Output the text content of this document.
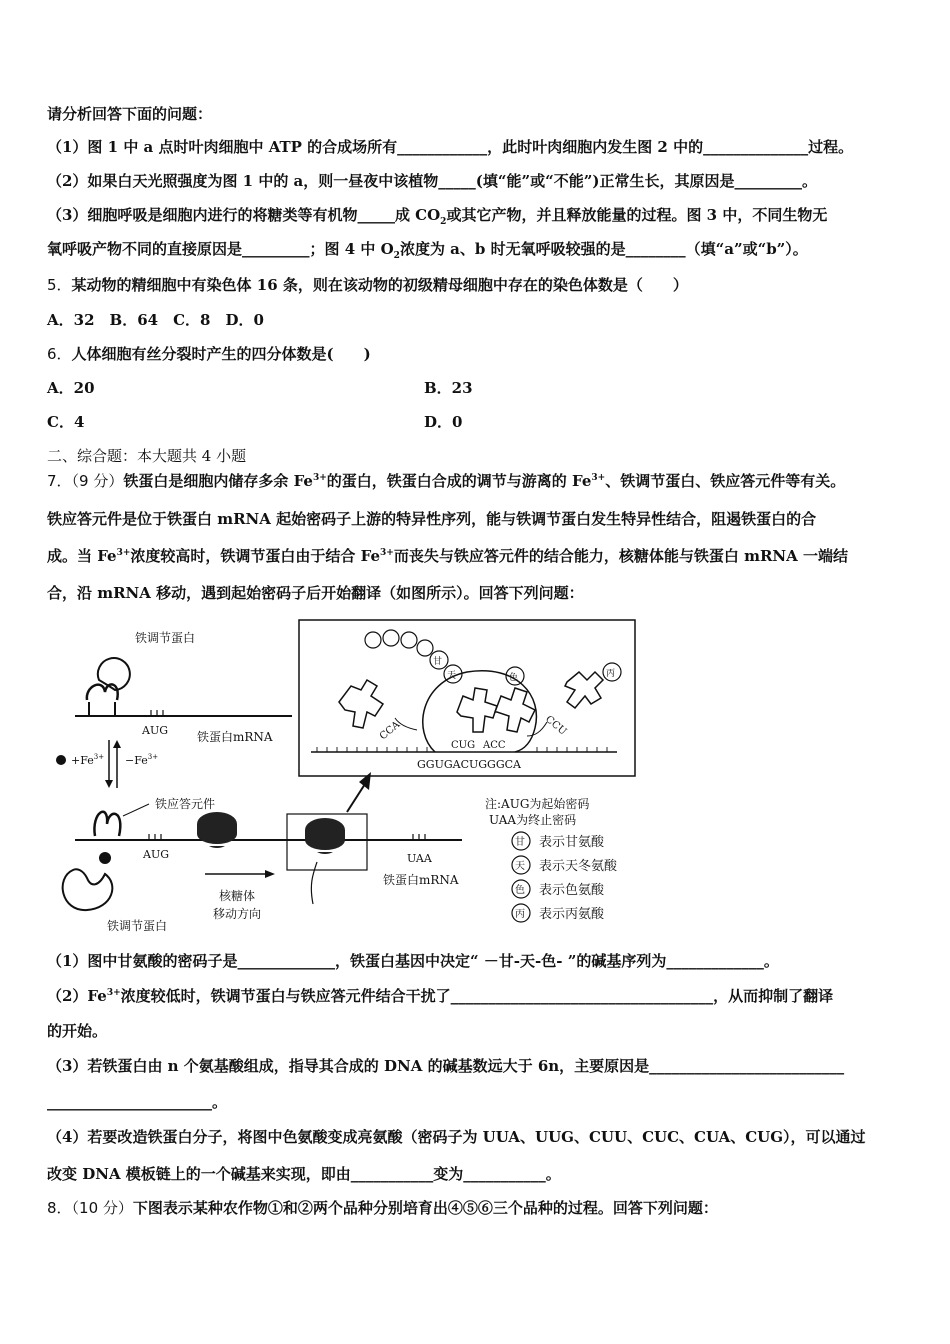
请分析回答下面的问题：
（1）图 1 中 a 点时叶肉细胞中 ATP 的合成场所有____________，此时叶肉细胞内发生图 2 中的______________过程。
（2）如果白天光照强度为图 1 中的 a，则一昼夜中该植物_____(填“能”或“不能”)正常生长，其原因是_________。
（3）细胞呼吸是细胞内进行的将糖类等有机物_____成 $CO_2$或其它产物，并且释放能量的过程。图 3 中，不同生物无
氧呼吸产物不同的直接原因是_________；图 4 中 $O_2$浓度为 a、b 时无氧呼吸较强的是________（填“a”或“b”）。
5．某动物的精细胞中有染色体 16 条，则在该动物的初级精母细胞中存在的染色体数是（　　）
A．32　B．64　C．8　D．0
6．人体细胞有丝分裂时产生的四分体数是(　　)
A．20	B．23
C．4	D．0
二、综合题：本大题共 4 小题
7．（9 分）铁蛋白是细胞内储存多余 $Fe^{3+}$的蛋白，铁蛋白合成的调节与游离的 $Fe^{3+}$、铁调节蛋白、铁应答元件等有关。
铁应答元件是位于铁蛋白 mRNA 起始密码子上游的特异性序列，能与铁调节蛋白发生特异性结合，阻遏铁蛋白的合
成。当 $Fe^{3+}$浓度较高时，铁调节蛋白由于结合 $Fe^{3+}$而丧失与铁应答元件的结合能力，核糖体能与铁蛋白 mRNA 一端结
合，沿 mRNA 移动，遇到起始密码子后开始翻译（如图所示）。回答下列问题：
铁调节蛋白
AUG 铁蛋白mRNA
$+Fe^{3+} -Fe^{3+}$
铁应答元件
AUG	UAA
铁蛋白mRNA
核糖体
移动方向
铁调节蛋白
甘
天	色	丙
CCA
CUG ACC
CCU
GGUGACUGGGCA
注:AUG为起始密码
UAA为终止密码
甘 表示甘氨酸
天 表示天冬氨酸
色 表示色氨酸
丙 表示丙氨酸
（1）图中甘氨酸的密码子是_____________，铁蛋白基因中决定“ －甘-天-色- ”的碱基序列为_____________。
$(2)Fe^{3+}$浓度较低时，铁调节蛋白与铁应答元件结合干扰了___________________________________，从而抑制了翻译
的开始。
（3）若铁蛋白由 n 个氨基酸组成，指导其合成的 DNA 的碱基数远大于 6n，主要原因是__________________________
______________________。
（4）若要改造铁蛋白分子，将图中色氨酸变成亮氨酸（密码子为 UUA、UUG、CUU、CUC、CUA、CUG），可以通过
改变 DNA 模板链上的一个碱基来实现，即由___________变为___________。
8．（10 分）下图表示某种农作物①和②两个品种分别培育出④⑤⑥三个品种的过程。回答下列问题：
